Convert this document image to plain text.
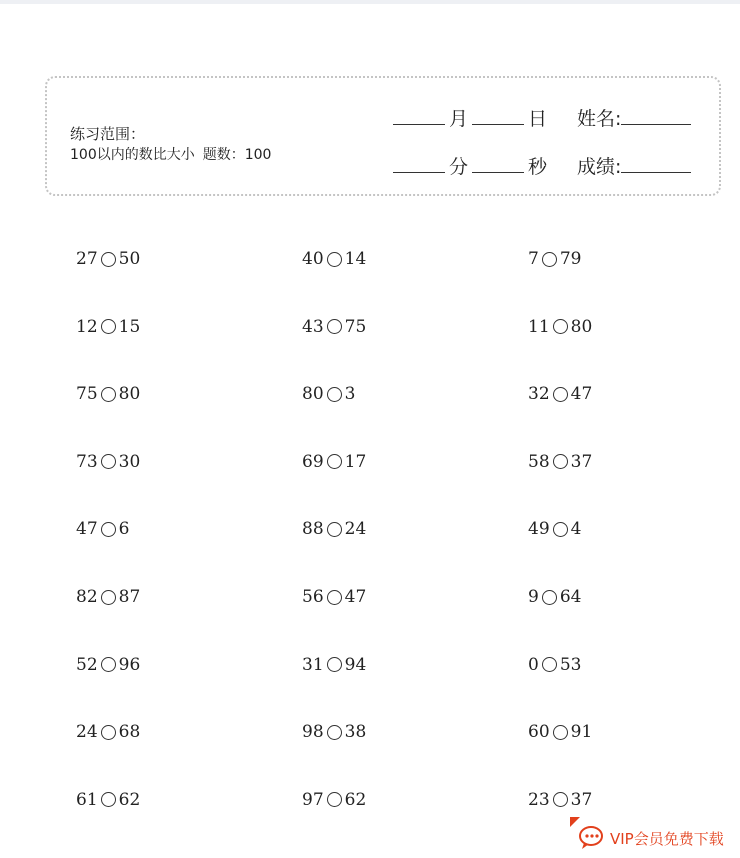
练习范围：
100以内的数比大小 题数：100
月	日 姓名:
分	秒 成绩:
27 50	40 14	7 79
12 15	43 75	11 80
75 80	80 3	32 47
73 30	69 17	58 37
47 6	88 24	49 4
82 87	56 47	9 64
52 96	31 94	0 53
24 68	98 38	60 91
61 62	97 62	23 37
VIP会员免费下载
